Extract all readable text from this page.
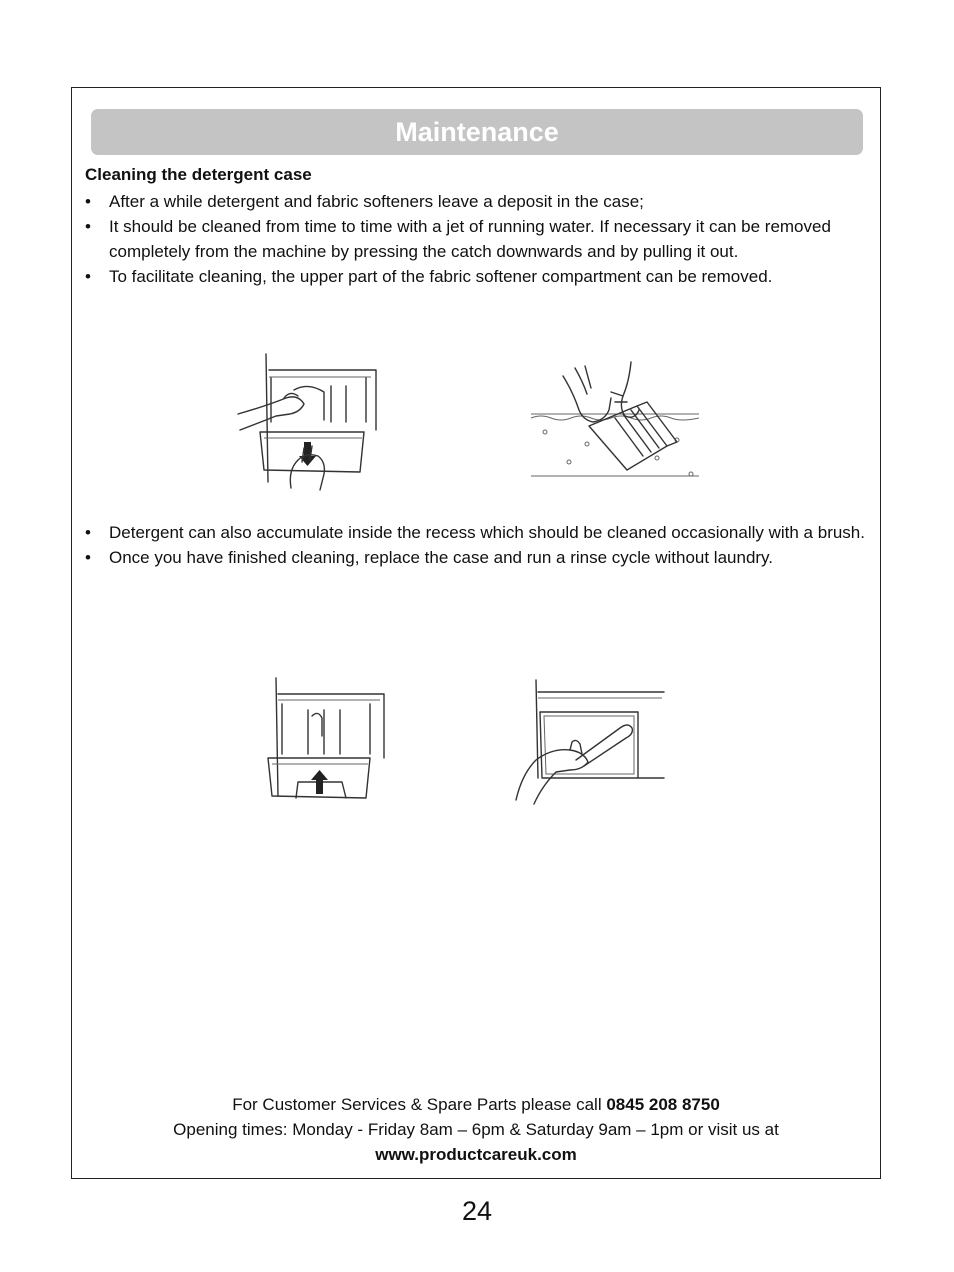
Maintenance
Cleaning the detergent case
• After a while detergent and fabric softeners leave a deposit in the case;
• It should be cleaned from time to time with a jet of running water. If necessary it can be removed completely from the machine by pressing the catch downwards and by pulling it out.
• To facilitate cleaning, the upper part of the fabric softener compartment can be removed.
• Detergent can also accumulate inside the recess which should be cleaned occasionally with a brush.
• Once you have finished cleaning, replace the case and run a rinse cycle without laundry.
For Customer Services & Spare Parts please call 0845 208 8750
Opening times: Monday - Friday 8am – 6pm & Saturday 9am – 1pm or visit us at
www.productcareuk.com
24
